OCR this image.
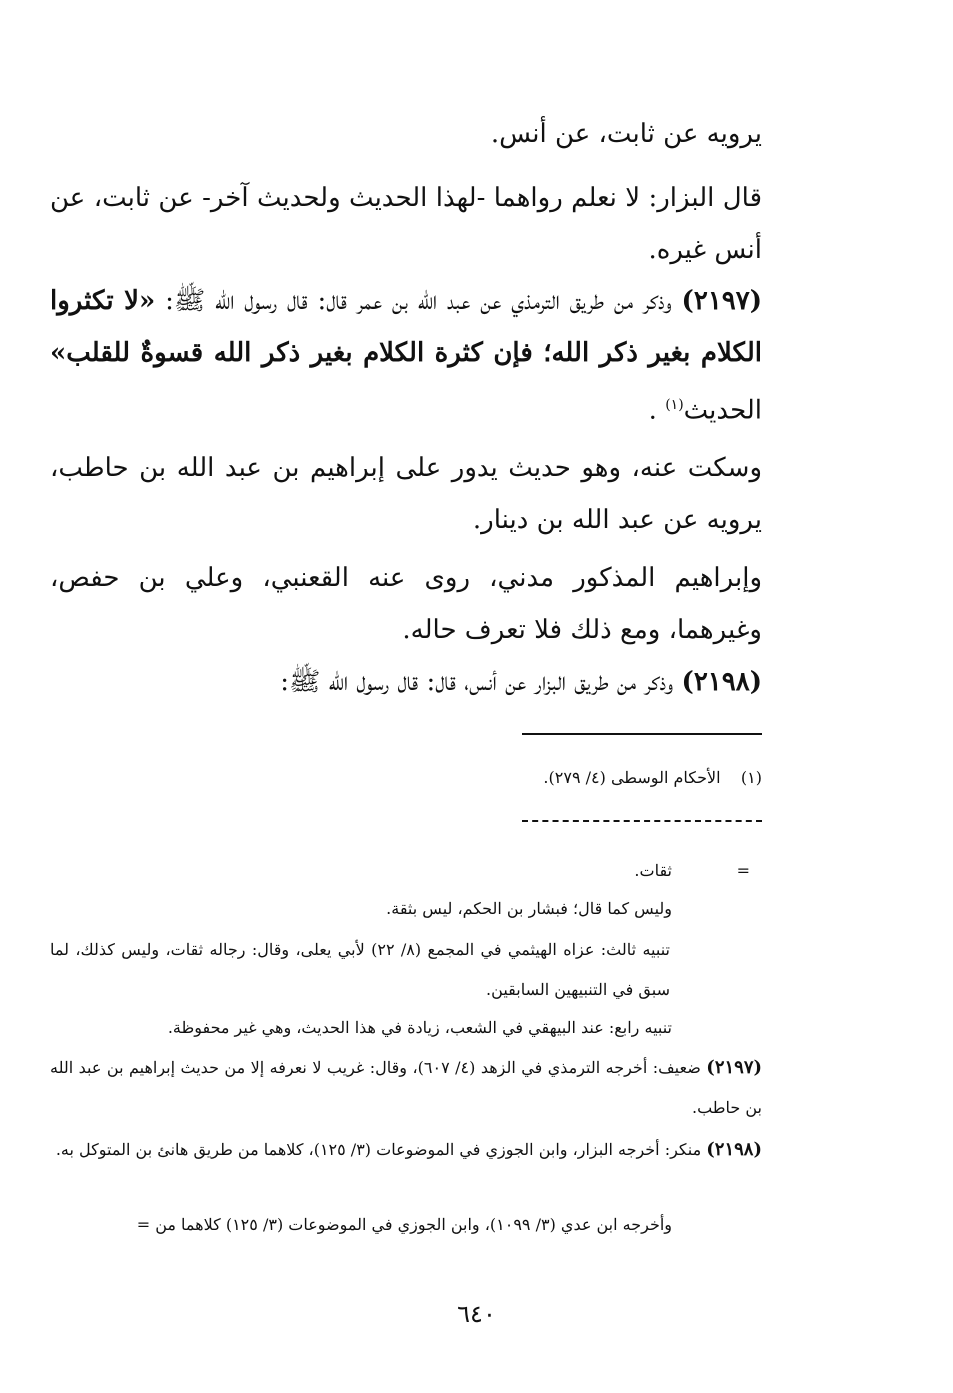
يرويه عن ثابت، عن أنس.

قال البزار: لا نعلم رواهما -لهذا الحديث ولحديث آخر- عن ثابت، عن أنس غيره.

(٢١٩٧) وذكر من طريق الترمذي عن عبد الله بن عمر قال: قال رسول الله ﷺ: «لا تكثروا الكلام بغير ذكر الله؛ فإن كثرة الكلام بغير ذكر الله قسوةٌ للقلب» الحديث$^{(١)}$ .

وسكت عنه، وهو حديث يدور على إبراهيم بن عبد الله بن حاطب، يرويه عن عبد الله بن دينار.

وإبراهيم المذكور مدني، روى عنه القعنبي، وعلي بن حفص، وغيرهما، ومع ذلك فلا تعرف حاله.

(٢١٩٨) وذكر من طريق البزار عن أنس، قال: قال رسول الله ﷺ:

(١)    الأحكام الوسطى (٤/ ٢٧٩).
=
ثقات.
وليس كما قال؛ فبشار بن الحكم، ليس بثقة.
تنبيه ثالث: عزاه الهيثمي في المجمع (٨/ ٢٢) لأبي يعلى، وقال: رجاله ثقات، وليس كذلك، لما سبق في التنبيهين السابقين.
تنبيه رابع: عند البيهقي في الشعب، زيادة في هذا الحديث، وهي غير محفوظة.
(٢١٩٧) ضعيف: أخرجه الترمذي في الزهد (٤/ ٦٠٧)، وقال: غريب لا نعرفه إلا من حديث إبراهيم بن عبد الله بن حاطب.
(٢١٩٨) منكر: أخرجه البزار، وابن الجوزي في الموضوعات (٣/ ١٢٥)، كلاهما من طريق هانئ بن المتوكل به.
وأخرجه ابن عدي (٣/ ١٠٩٩)، وابن الجوزي في الموضوعات (٣/ ١٢٥) كلاهما من =
٦٤٠
